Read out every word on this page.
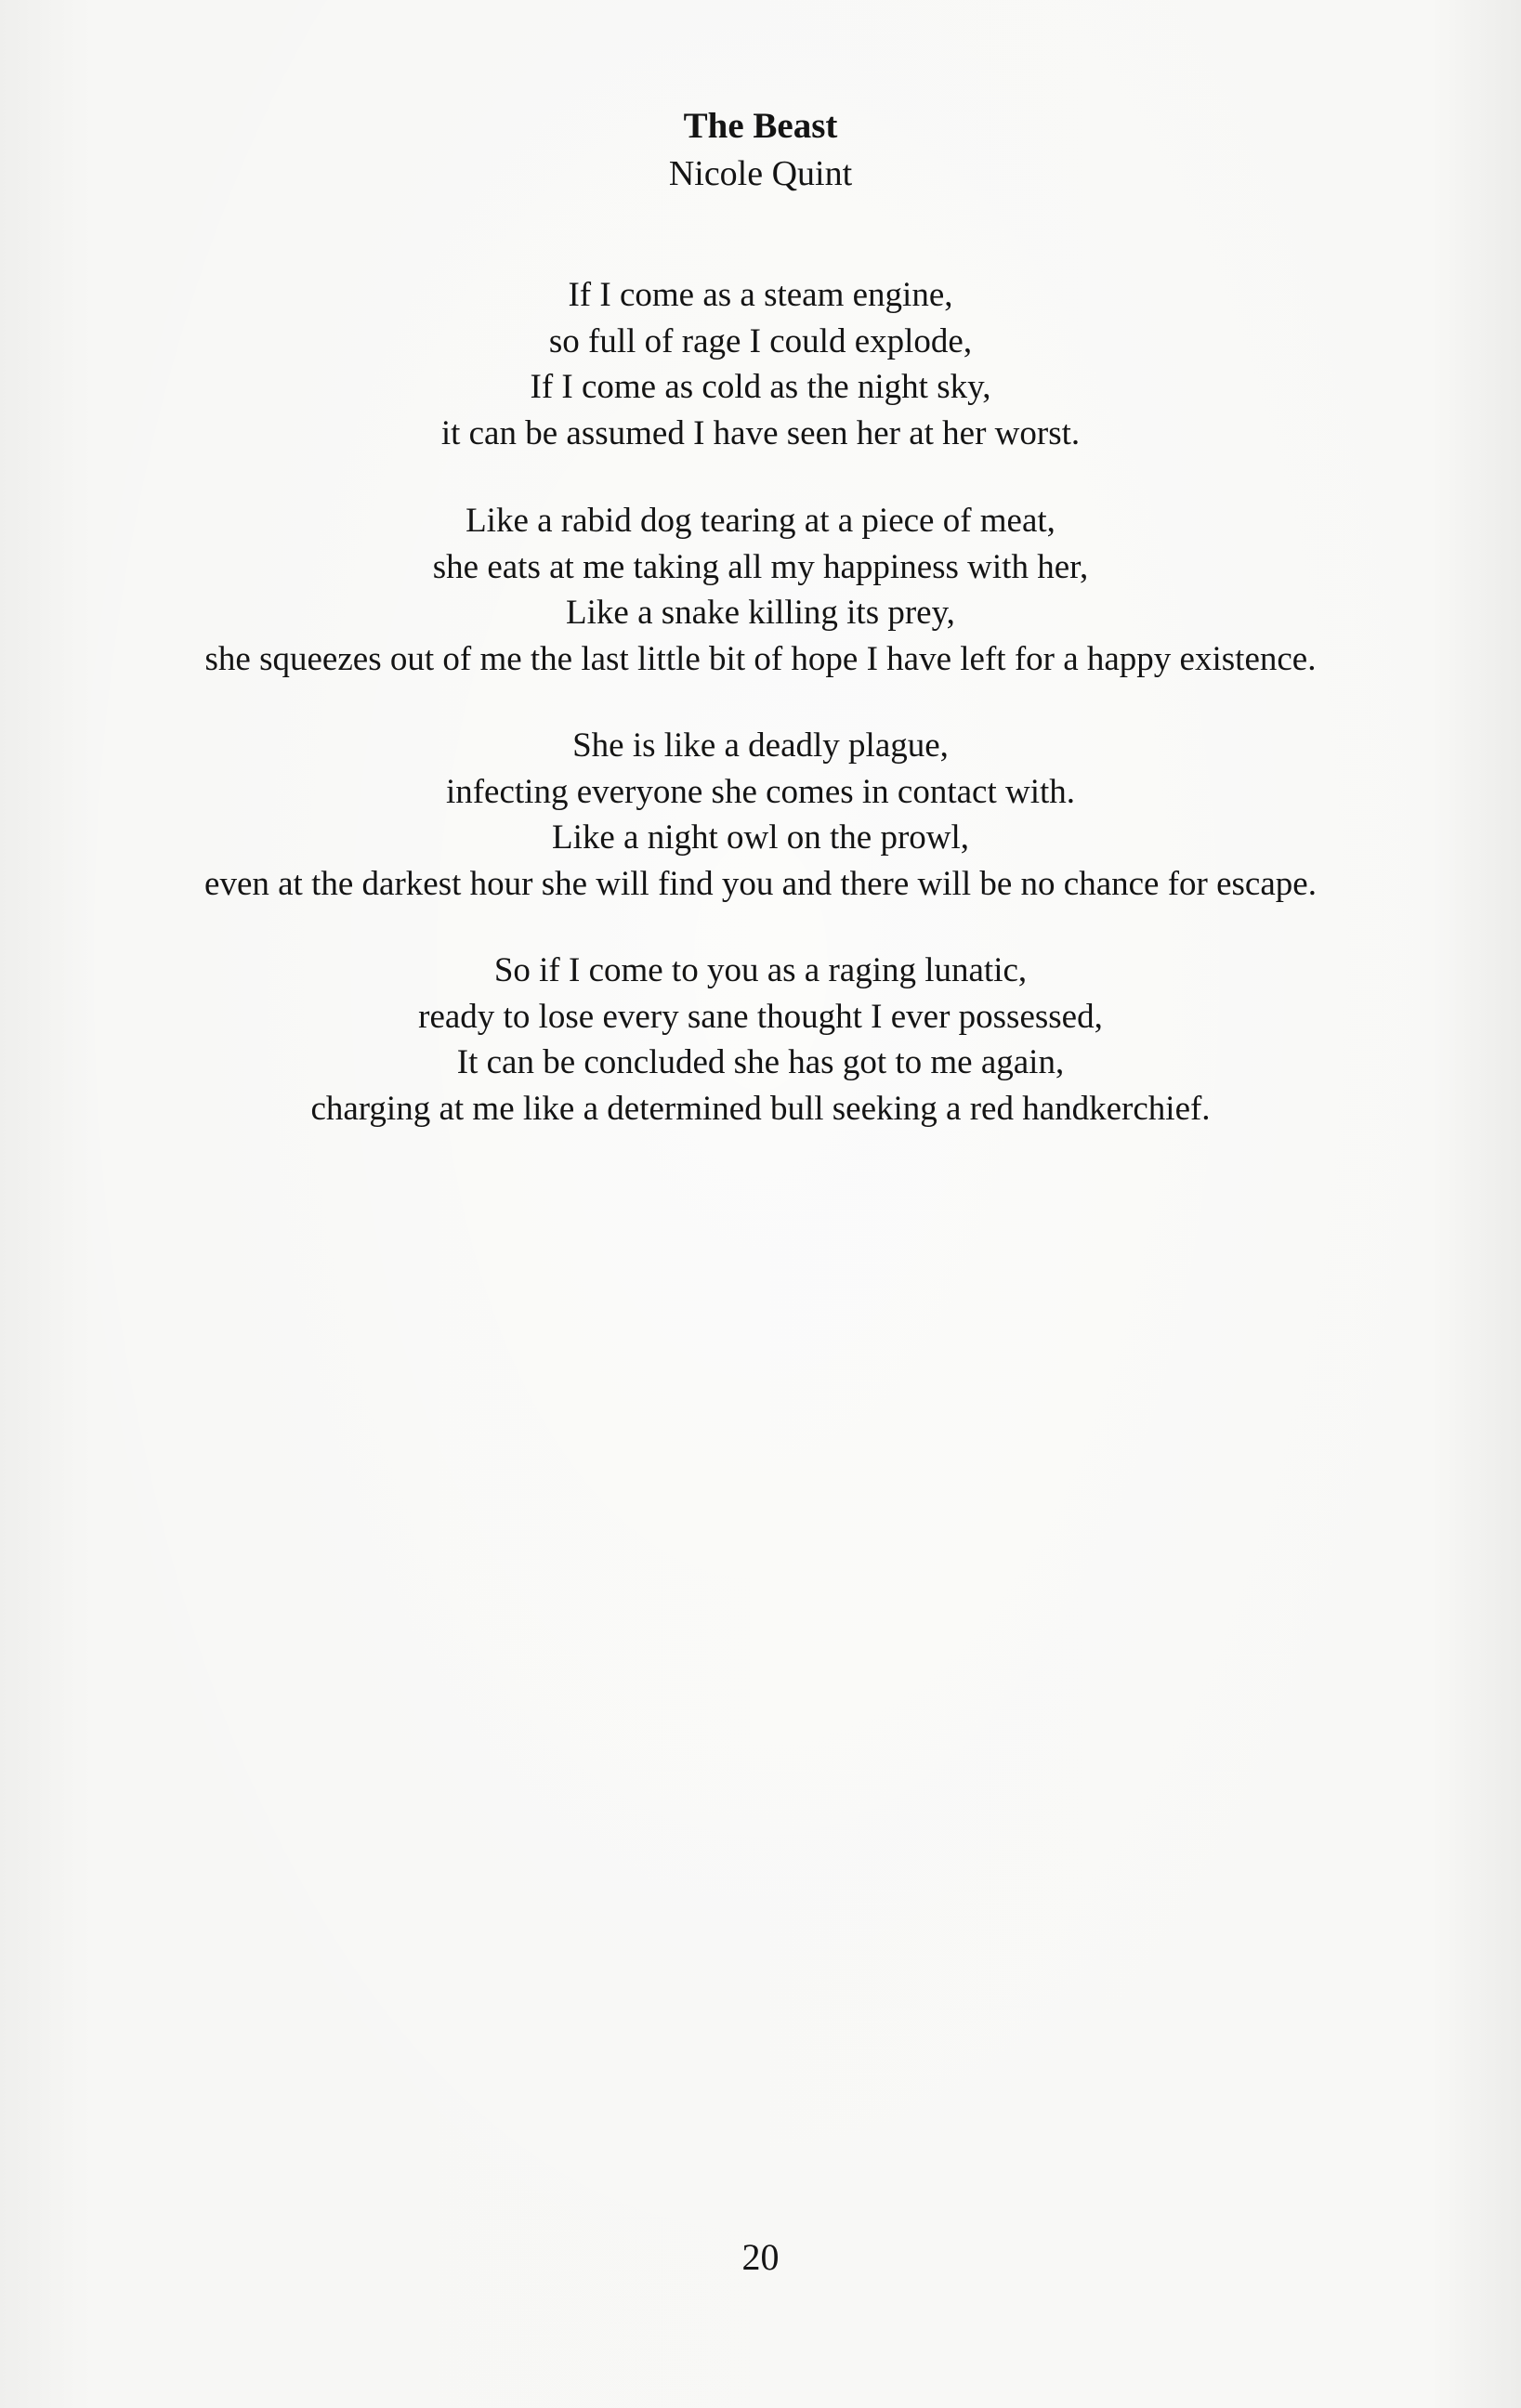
The Beast

Nicole Quint

If I come as a steam engine,
so full of rage I could explode,
If I come as cold as the night sky,
it can be assumed I have seen her at her worst.
Like a rabid dog tearing at a piece of meat,
she eats at me taking all my happiness with her,
Like a snake killing its prey,
she squeezes out of me the last little bit of hope I have left for a happy existence.
She is like a deadly plague,
infecting everyone she comes in contact with.
Like a night owl on the prowl,
even at the darkest hour she will find you and there will be no chance for escape.
So if I come to you as a raging lunatic,
ready to lose every sane thought I ever possessed,
It can be concluded she has got to me again,
charging at me like a determined bull seeking a red handkerchief.
20
